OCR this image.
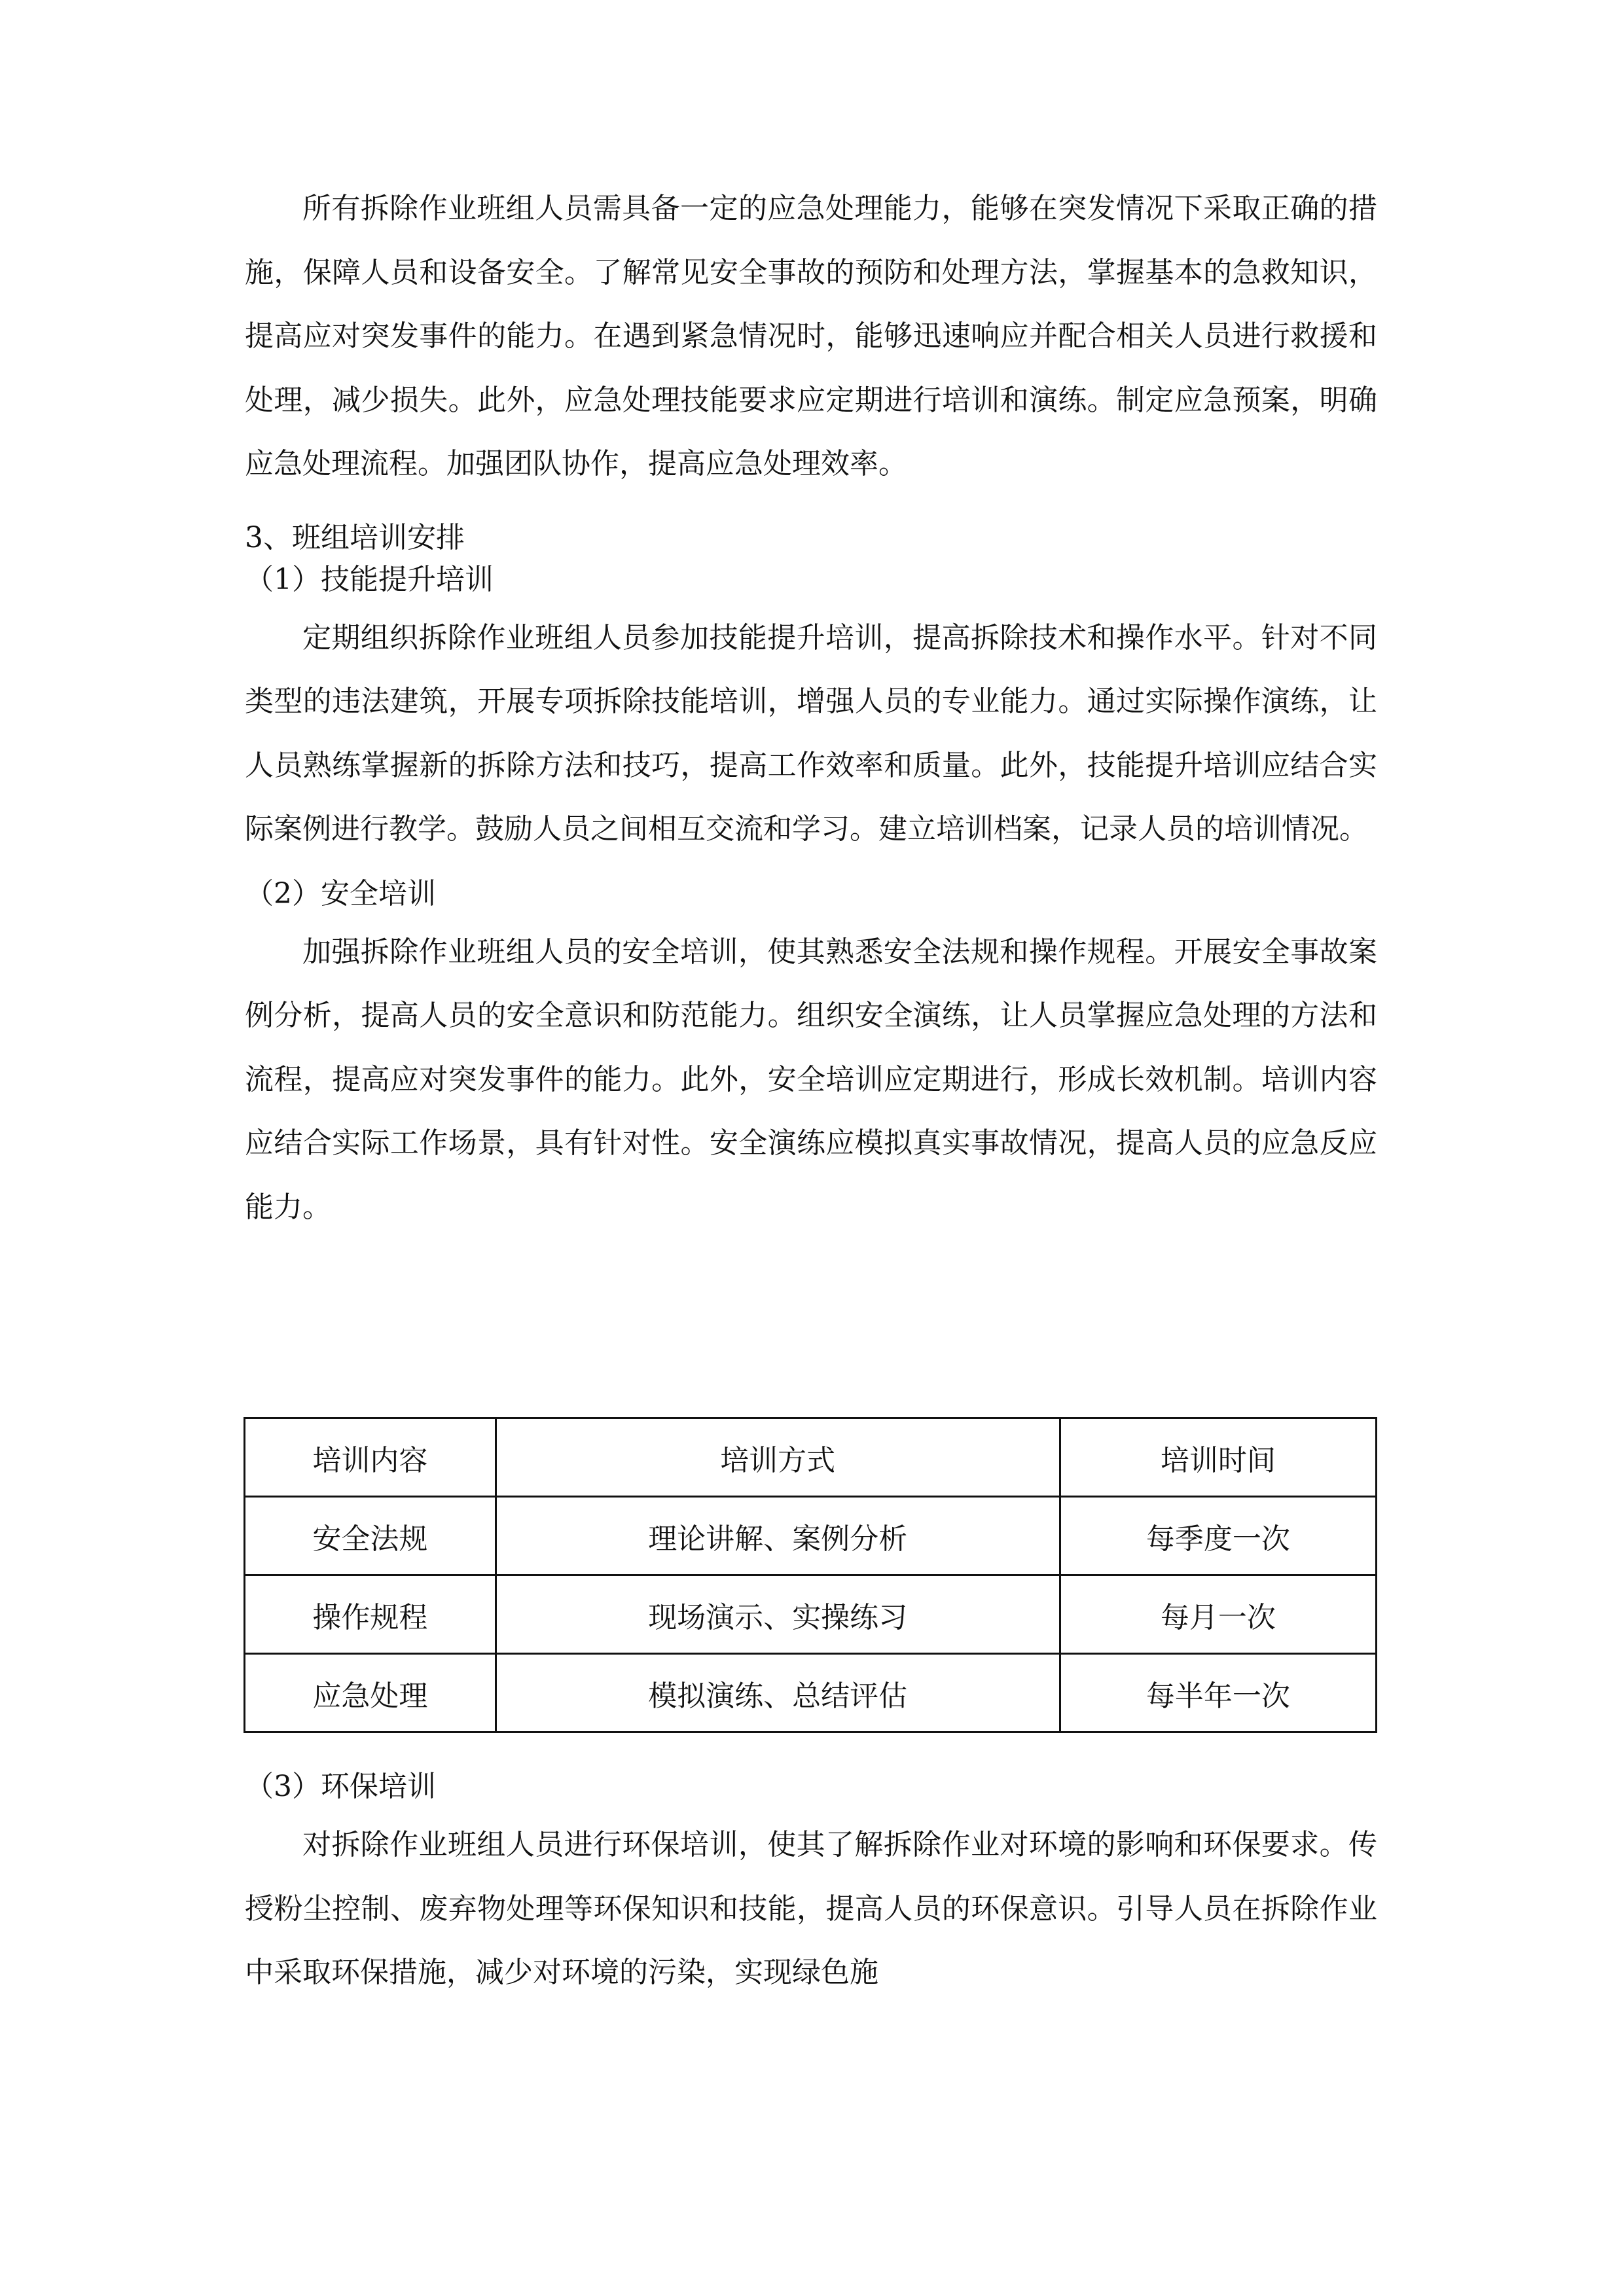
所有拆除作业班组人员需具备一定的应急处理能力，能够在突发情况下采取正确的措施，保障人员和设备安全。了解常见安全事故的预防和处理方法，掌握基本的急救知识，提高应对突发事件的能力。在遇到紧急情况时，能够迅速响应并配合相关人员进行救援和处理，减少损失。此外，应急处理技能要求应定期进行培训和演练。制定应急预案，明确应急处理流程。加强团队协作，提高应急处理效率。

3、班组培训安排

（1）技能提升培训

定期组织拆除作业班组人员参加技能提升培训，提高拆除技术和操作水平。针对不同类型的违法建筑，开展专项拆除技能培训，增强人员的专业能力。通过实际操作演练，让人员熟练掌握新的拆除方法和技巧，提高工作效率和质量。此外，技能提升培训应结合实际案例进行教学。鼓励人员之间相互交流和学习。建立培训档案，记录人员的培训情况。

（2）安全培训

加强拆除作业班组人员的安全培训，使其熟悉安全法规和操作规程。开展安全事故案例分析，提高人员的安全意识和防范能力。组织安全演练，让人员掌握应急处理的方法和流程，提高应对突发事件的能力。此外，安全培训应定期进行，形成长效机制。培训内容应结合实际工作场景，具有针对性。安全演练应模拟真实事故情况，提高人员的应急反应能力。

培训内容	培训方式	培训时间
安全法规	理论讲解、案例分析	每季度一次
操作规程	现场演示、实操练习	每月一次
应急处理	模拟演练、总结评估	每半年一次

（3）环保培训

对拆除作业班组人员进行环保培训，使其了解拆除作业对环境的影响和环保要求。传授粉尘控制、废弃物处理等环保知识和技能，提高人员的环保意识。引导人员在拆除作业中采取环保措施，减少对环境的污染，实现绿色施
